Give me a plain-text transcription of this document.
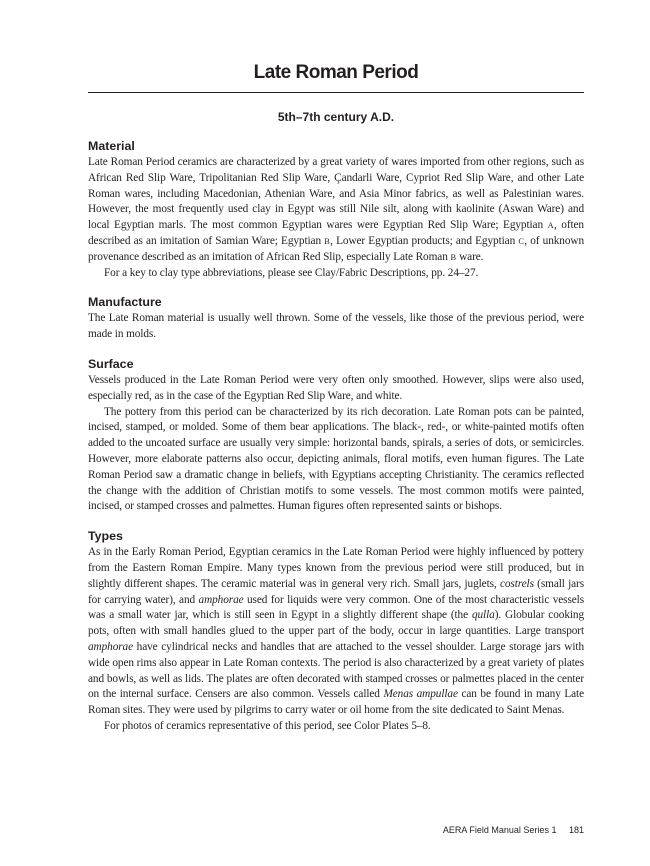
Late Roman Period
5th–7th century A.D.
Material

Late Roman Period ceramics are characterized by a great variety of wares imported from other regions, such as African Red Slip Ware, Tripolitanian Red Slip Ware, Çandarli Ware, Cypriot Red Slip Ware, and other Late Roman wares, including Macedonian, Athenian Ware, and Asia Minor fabrics, as well as Palestinian wares. However, the most frequently used clay in Egypt was still Nile silt, along with kaolinite (Aswan Ware) and local Egyptian marls. The most common Egyptian wares were Egyptian Red Slip Ware; Egyptian A, often described as an imitation of Samian Ware; Egyptian B, Lower Egyptian products; and Egyptian C, of unknown provenance described as an imitation of African Red Slip, especially Late Roman B ware.

For a key to clay type abbreviations, please see Clay/Fabric Descriptions, pp. 24–27.

Manufacture

The Late Roman material is usually well thrown. Some of the vessels, like those of the previous period, were made in molds.

Surface

Vessels produced in the Late Roman Period were very often only smoothed. However, slips were also used, especially red, as in the case of the Egyptian Red Slip Ware, and white.

The pottery from this period can be characterized by its rich decoration. Late Roman pots can be painted, incised, stamped, or molded. Some of them bear applications. The black-, red-, or white-painted motifs often added to the uncoated surface are usually very simple: horizontal bands, spirals, a series of dots, or semicircles. However, more elaborate patterns also occur, depicting animals, floral motifs, even human figures. The Late Roman Period saw a dramatic change in beliefs, with Egyptians accepting Christianity. The ceramics reflected the change with the addition of Christian motifs to some vessels. The most common motifs were painted, incised, or stamped crosses and palmettes. Human figures often represented saints or bishops.

Types

As in the Early Roman Period, Egyptian ceramics in the Late Roman Period were highly influenced by pottery from the Eastern Roman Empire. Many types known from the previous period were still produced, but in slightly different shapes. The ceramic material was in general very rich. Small jars, juglets, costrels (small jars for carrying water), and amphorae used for liquids were very common. One of the most characteristic vessels was a small water jar, which is still seen in Egypt in a slightly different shape (the qulla). Globular cooking pots, often with small handles glued to the upper part of the body, occur in large quantities. Large transport amphorae have cylindrical necks and handles that are attached to the vessel shoulder. Large storage jars with wide open rims also appear in Late Roman contexts. The period is also characterized by a great variety of plates and bowls, as well as lids. The plates are often decorated with stamped crosses or palmettes placed in the center on the internal surface. Censers are also common. Vessels called Menas ampullae can be found in many Late Roman sites. They were used by pilgrims to carry water or oil home from the site dedicated to Saint Menas.

For photos of ceramics representative of this period, see Color Plates 5–8.

AERA Field Manual Series 1 181
